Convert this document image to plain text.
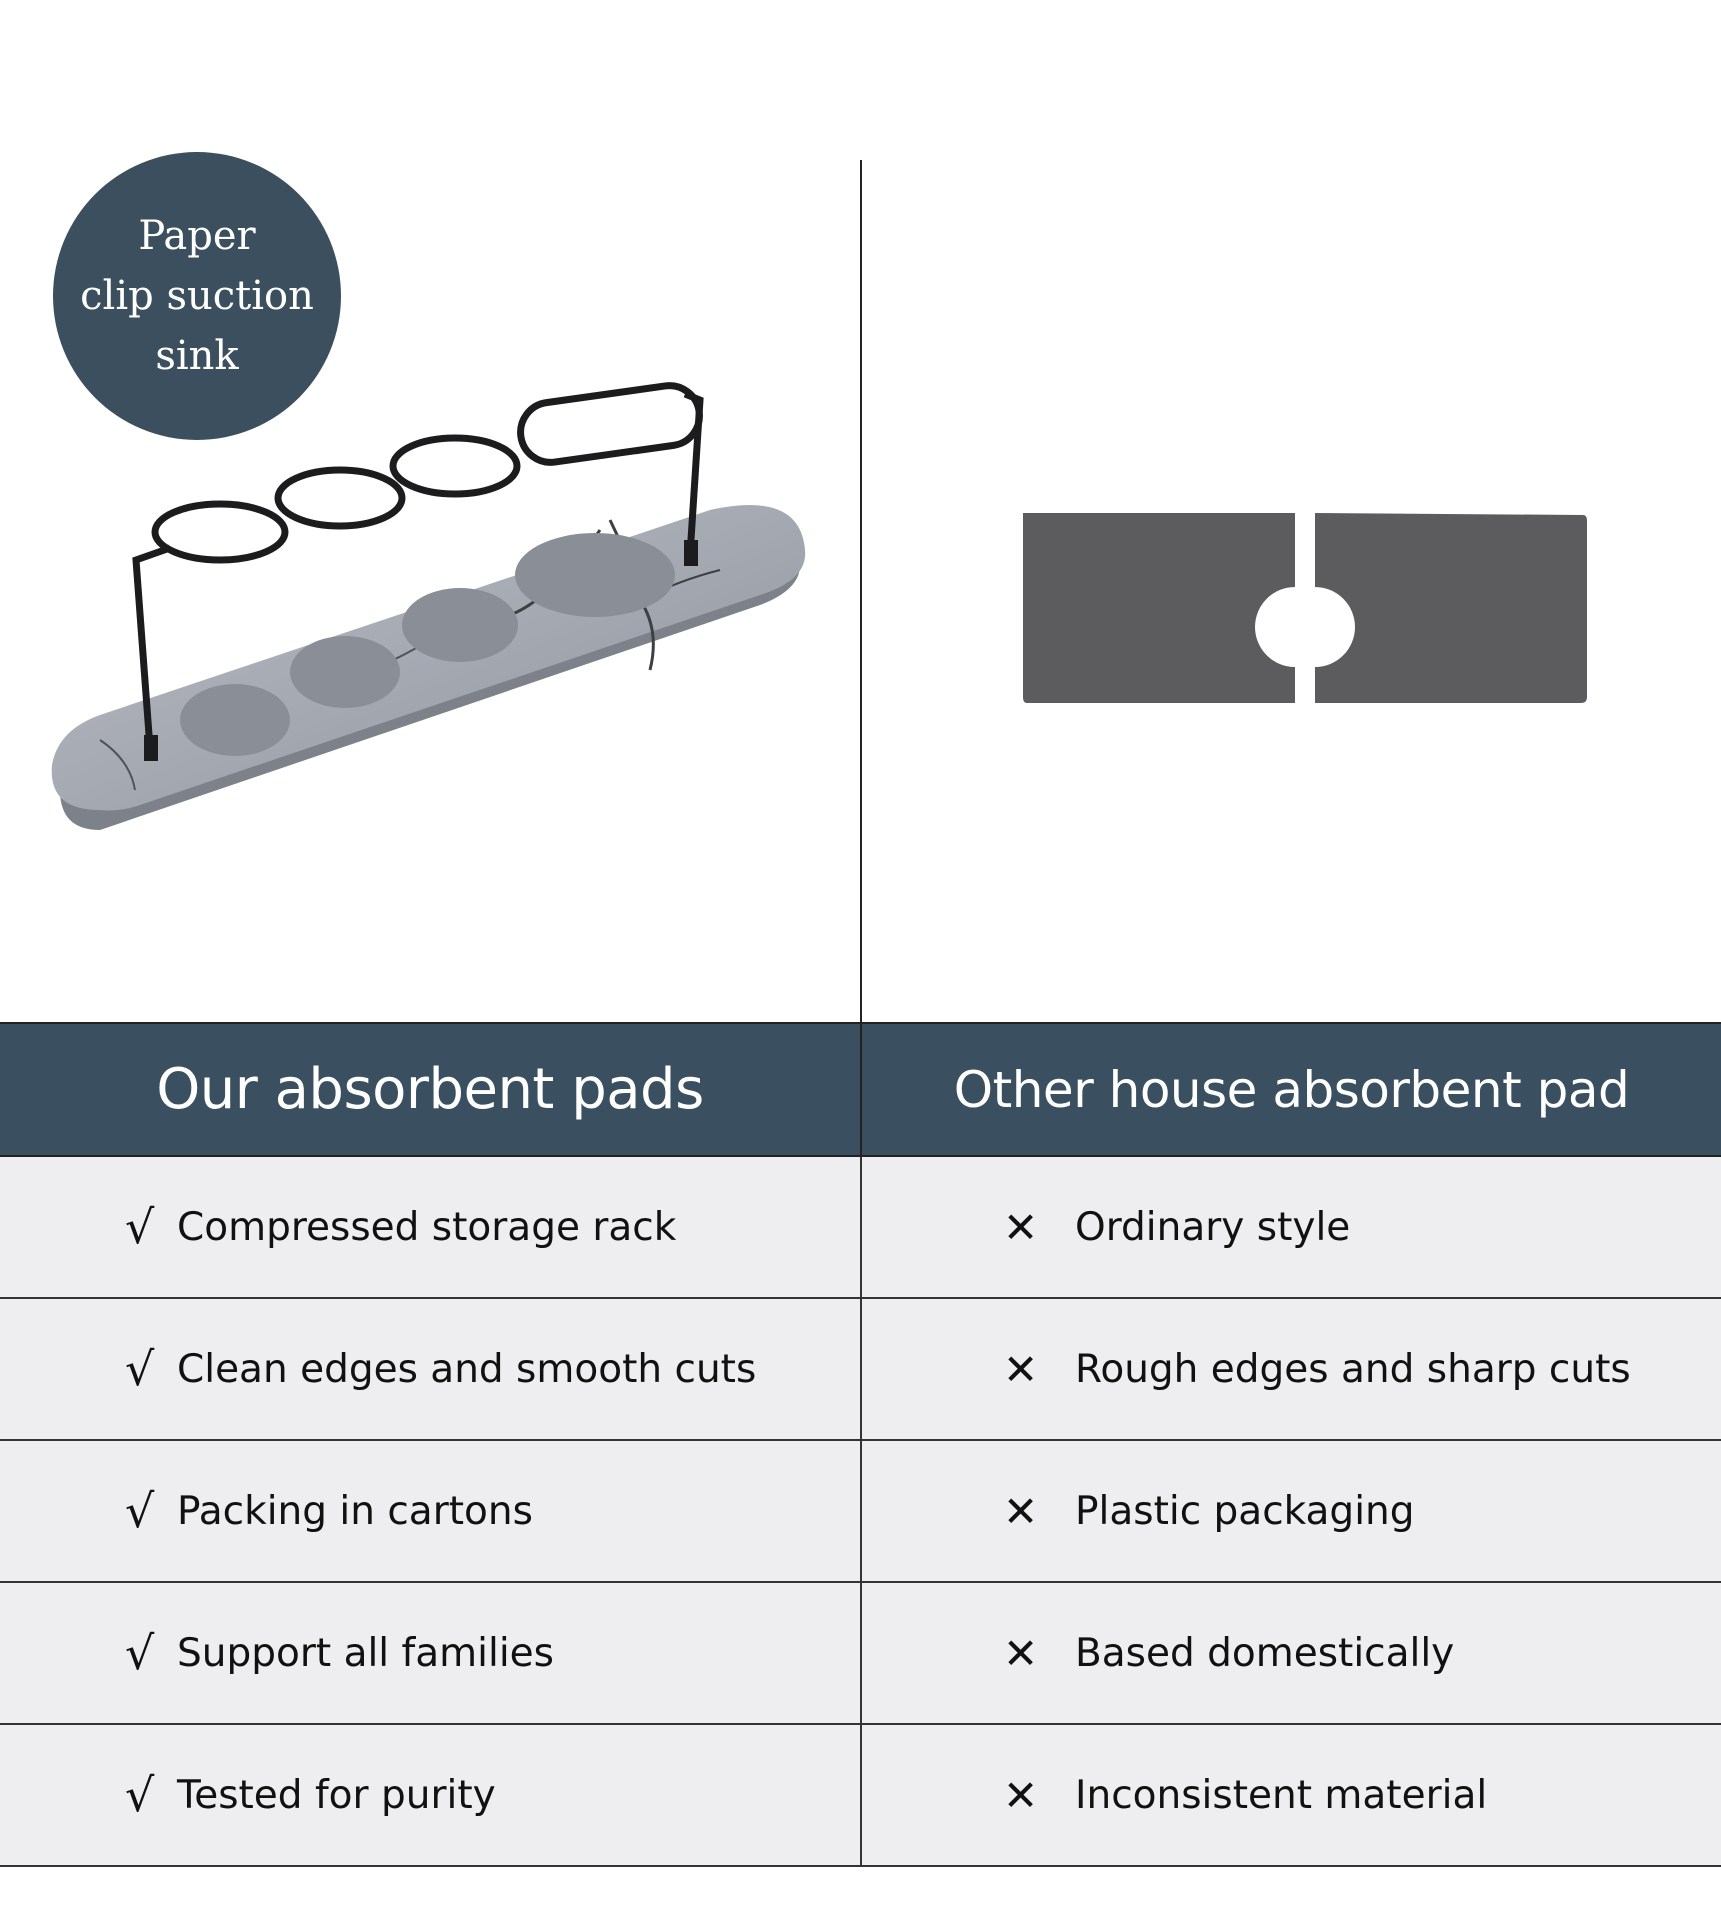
Paper
clip suction
sink
Our absorbent pads	Other house absorbent pad
√ Compressed storage rack	✕ Ordinary style
√ Clean edges and smooth cuts	✕ Rough edges and sharp cuts
√ Packing in cartons	✕ Plastic packaging
√ Support all families	✕ Based domestically
√ Tested for purity	✕ Inconsistent material
